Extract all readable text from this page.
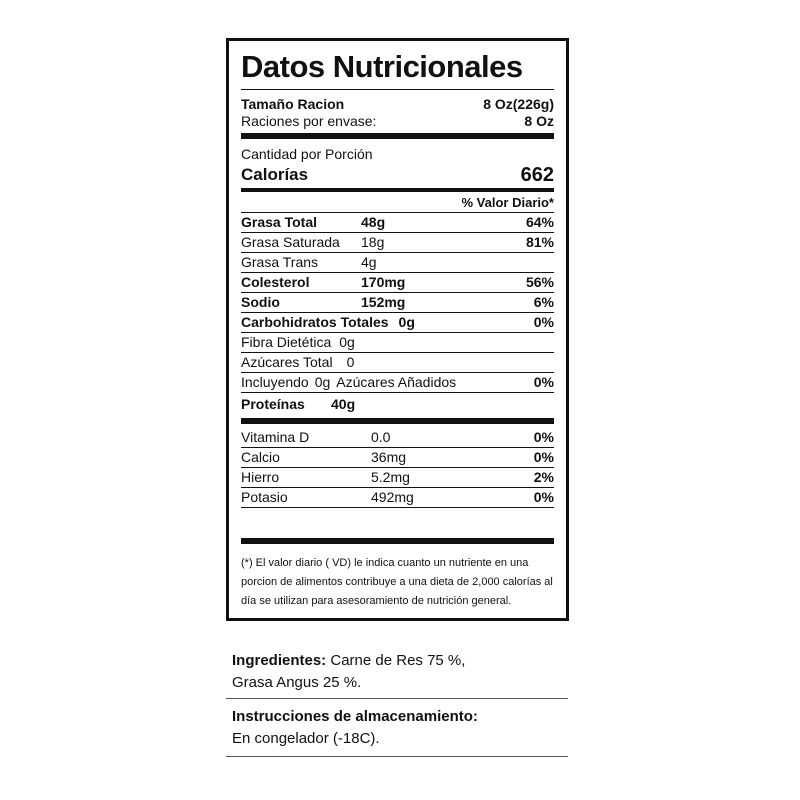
Datos Nutricionales
Tamaño Racion	8 Oz(226g)
Raciones por envase:	8 Oz
Cantidad por Porción
Calorías	662
% Valor Diario*
Grasa Total	48g	64%
Grasa Saturada	18g	81%
Grasa Trans	4g
Colesterol	170mg	56%
Sodio	152mg	6%
Carbohidratos Totales 0g	0%
Fibra Dietética 0g
Azúcares Total 0
Incluyendo 0g Azúcares Añadidos	0%
Proteínas	40g
Vitamina D	0.0	0%
Calcio	36mg	0%
Hierro	5.2mg	2%
Potasio	492mg	0%
(*) El valor diario ( VD) le indica cuanto un nutriente en una porcion de alimentos contribuye a una dieta de 2,000 calorías al día se utilizan para asesoramiento de nutrición general.
Ingredientes: Carne de Res 75 %,
Grasa Angus 25 %.
Instrucciones de almacenamiento:
En congelador (-18C).
